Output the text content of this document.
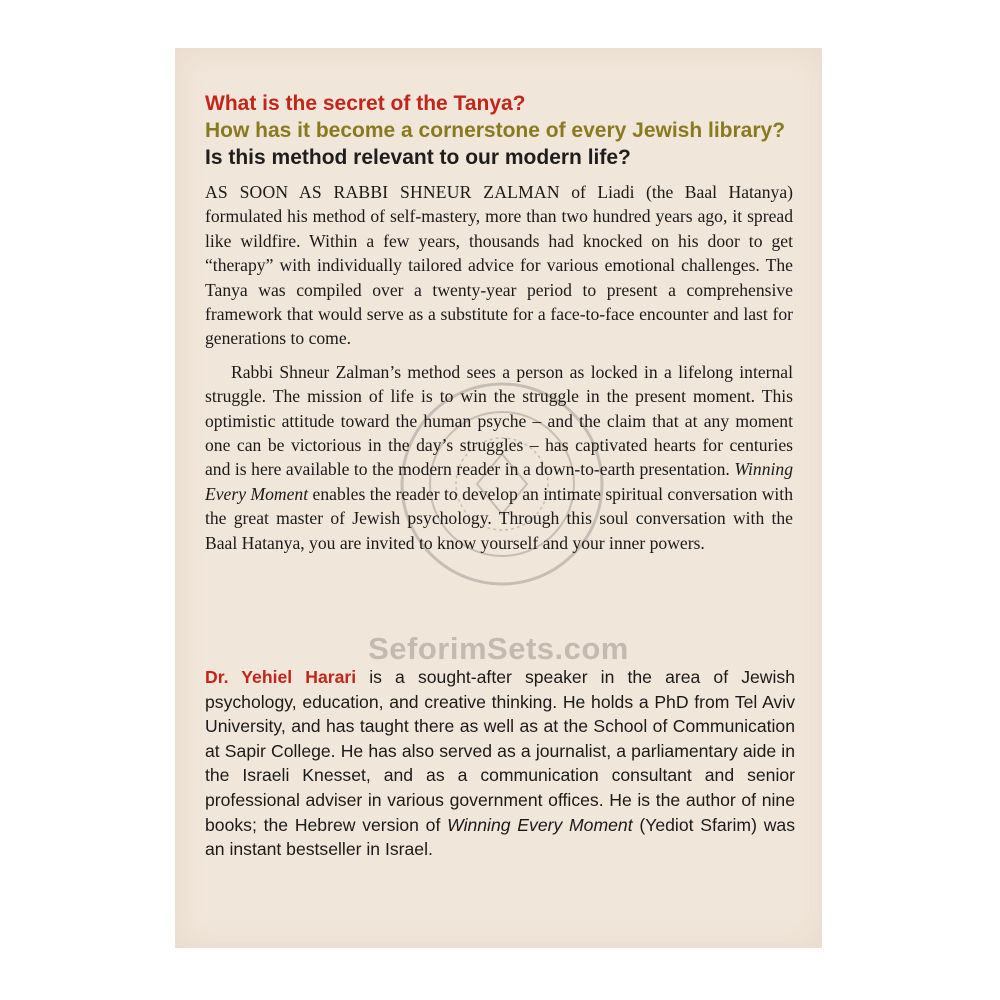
What is the secret of the Tanya?
How has it become a cornerstone of every Jewish library?
Is this method relevant to our modern life?

AS SOON AS RABBI SHNEUR ZALMAN of Liadi (the Baal Hatanya) formulated his method of self-mastery, more than two hundred years ago, it spread like wildfire. Within a few years, thousands had knocked on his door to get “therapy” with individually tailored advice for various emotional challenges. The Tanya was compiled over a twenty-year period to present a comprehensive framework that would serve as a substitute for a face-to-face encounter and last for generations to come.

Rabbi Shneur Zalman’s method sees a person as locked in a lifelong internal struggle. The mission of life is to win the struggle in the present moment. This optimistic attitude toward the human psyche – and the claim that at any moment one can be victorious in the day’s struggles – has captivated hearts for centuries and is here available to the modern reader in a down-to-earth presentation. Winning Every Moment enables the reader to develop an intimate spiritual conversation with the great master of Jewish psychology. Through this soul conversation with the Baal Hatanya, you are invited to know yourself and your inner powers.

SeforimSets.com
Dr. Yehiel Harari is a sought-after speaker in the area of Jewish psychology, education, and creative thinking. He holds a PhD from Tel Aviv University, and has taught there as well as at the School of Communication at Sapir College. He has also served as a journalist, a parliamentary aide in the Israeli Knesset, and as a communication consultant and senior professional adviser in various government offices. He is the author of nine books; the Hebrew version of Winning Every Moment (Yediot Sfarim) was an instant bestseller in Israel.
